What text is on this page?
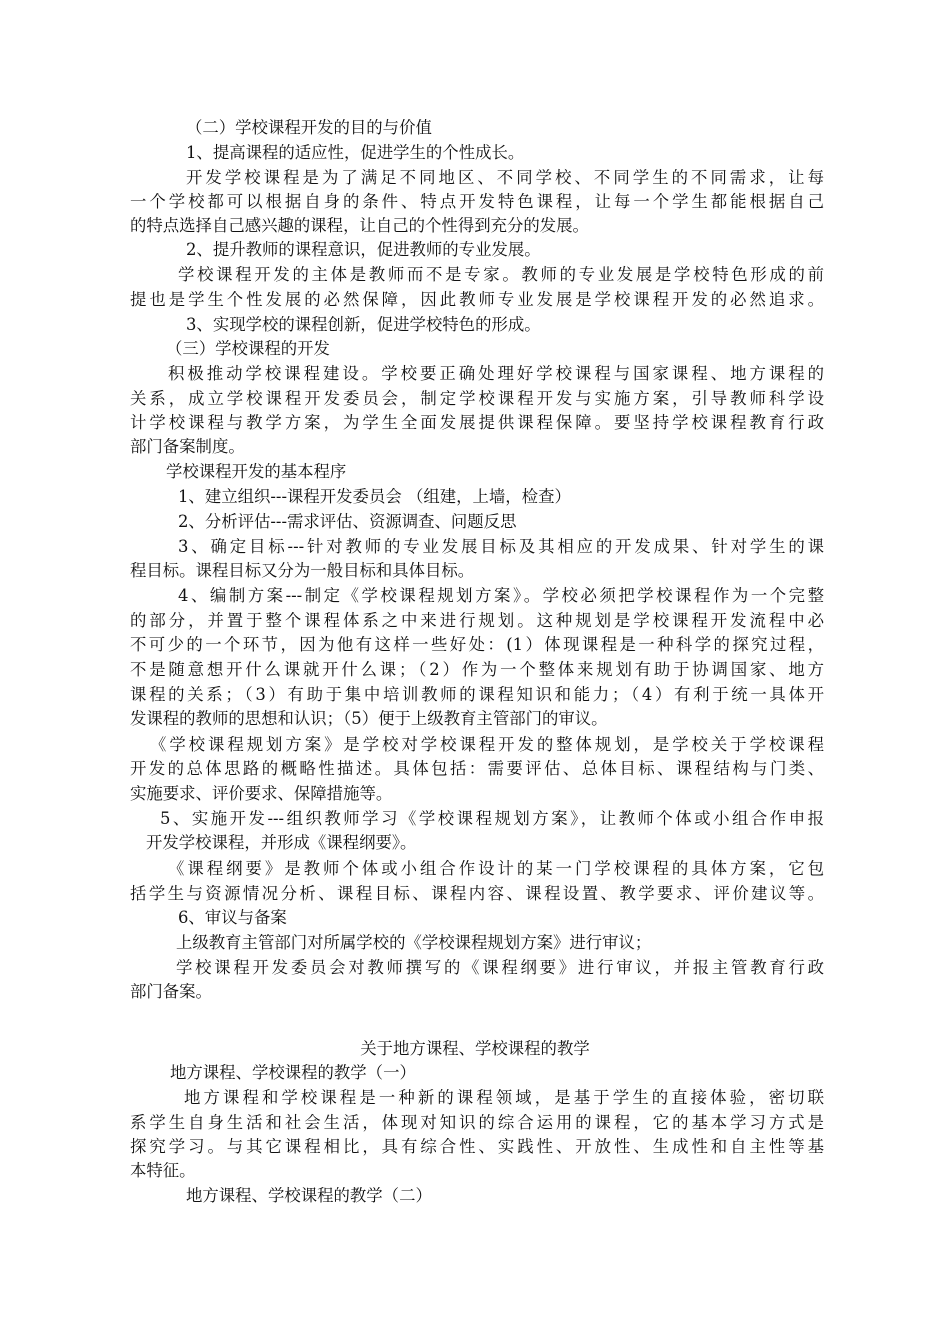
（二）学校课程开发的目的与价值
1、提高课程的适应性，促进学生的个性成长。
开发学校课程是为了满足不同地区、不同学校、不同学生的不同需求，让每
一个学校都可以根据自身的条件、特点开发特色课程，让每一个学生都能根据自己
的特点选择自己感兴趣的课程，让自己的个性得到充分的发展。
2、提升教师的课程意识，促进教师的专业发展。
学校课程开发的主体是教师而不是专家。教师的专业发展是学校特色形成的前
提也是学生个性发展的必然保障，因此教师专业发展是学校课程开发的必然追求。
3、实现学校的课程创新，促进学校特色的形成。
（三）学校课程的开发
积极推动学校课程建设。学校要正确处理好学校课程与国家课程、地方课程的
关系，成立学校课程开发委员会，制定学校课程开发与实施方案，引导教师科学设
计学校课程与教学方案，为学生全面发展提供课程保障。要坚持学校课程教育行政
部门备案制度。
学校课程开发的基本程序
1、建立组织---课程开发委员会 （组建，上墙，检查）
2、分析评估---需求评估、资源调查、问题反思
3、确定目标---针对教师的专业发展目标及其相应的开发成果、针对学生的课
程目标。课程目标又分为一般目标和具体目标。
4、编制方案---制定《学校课程规划方案》。学校必须把学校课程作为一个完整
的部分，并置于整个课程体系之中来进行规划。这种规划是学校课程开发流程中必
不可少的一个环节，因为他有这样一些好处：(1）体现课程是一种科学的探究过程，
不是随意想开什么课就开什么课；（2）作为一个整体来规划有助于协调国家、地方
课程的关系；（3）有助于集中培训教师的课程知识和能力；（4）有利于统一具体开
发课程的教师的思想和认识；（5）便于上级教育主管部门的审议。
《学校课程规划方案》是学校对学校课程开发的整体规划，是学校关于学校课程
开发的总体思路的概略性描述。具体包括：需要评估、总体目标、课程结构与门类、
实施要求、评价要求、保障措施等。
5、实施开发---组织教师学习《学校课程规划方案》，让教师个体或小组合作申报
开发学校课程，并形成《课程纲要》。
《课程纲要》是教师个体或小组合作设计的某一门学校课程的具体方案，它包
括学生与资源情况分析、课程目标、课程内容、课程设置、教学要求、评价建议等。
6、审议与备案
上级教育主管部门对所属学校的《学校课程规划方案》进行审议；
学校课程开发委员会对教师撰写的《课程纲要》进行审议，并报主管教育行政
部门备案。
关于地方课程、学校课程的教学
地方课程、学校课程的教学（一）
地方课程和学校课程是一种新的课程领域，是基于学生的直接体验，密切联
系学生自身生活和社会生活，体现对知识的综合运用的课程，它的基本学习方式是
探究学习。与其它课程相比，具有综合性、实践性、开放性、生成性和自主性等基
本特征。
地方课程、学校课程的教学（二）
